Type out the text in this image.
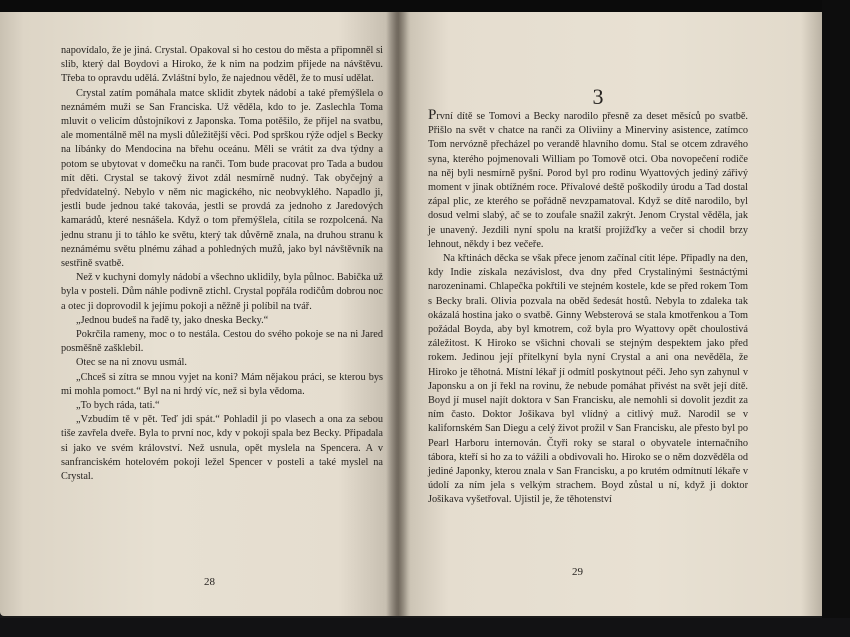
napovídalo, že je jiná. Crystal. Opakoval si ho cestou do města a připomněl si slib, který dal Boydovi a Hiroko, že k nim na podzim přijede na návštěvu. Třeba to opravdu udělá. Zvláštní bylo, že najednou věděl, že to musí udělat.

Crystal zatím pomáhala matce sklidit zbytek nádobí a také přemýšlela o neznámém muži se San Franciska. Už věděla, kdo to je. Zaslechla Toma mluvit o velicím důstojníkovi z Japonska. Toma potěšilo, že přijel na svatbu, ale momentálně měl na mysli důležitější věci. Pod sprškou rýže odjel s Becky na líbánky do Mendocina na břehu oceánu. Měli se vrátit za dva týdny a potom se ubytovat v domečku na ranči. Tom bude pracovat pro Tada a budou mít děti. Crystal se takový život zdál nesmírně nudný. Tak obyčejný a předvídatelný. Nebylo v něm nic magického, nic neobvyklého. Napadlo ji, jestli bude jednou také takováa, jestli se provdá za jednoho z Jaredových kamarádů, které nesnášela. Když o tom přemýšlela, cítila se rozpolcená. Na jednu stranu ji to táhlo ke světu, který tak důvěrně znala, na druhou stranu k neznámému světu plnému záhad a pohledných mužů, jako byl návštěvník na sestřině svatbě.

Než v kuchyni domyly nádobí a všechno uklidily, byla půlnoc. Babička už byla v posteli. Dům náhle podivně ztichl. Crystal popřála rodičům dobrou noc a otec ji doprovodil k jejímu pokoji a něžně ji políbil na tvář.

„Jednou budeš na řadě ty, jako dneska Becky.“

Pokrčila rameny, moc o to nestála. Cestou do svého pokoje se na ni Jared posměšně zašklebil.

Otec se na ni znovu usmál.

„Chceš si zítra se mnou vyjet na koni? Mám nějakou práci, se kterou bys mi mohla pomoct.“ Byl na ni hrdý víc, než si byla vědoma.

„To bych ráda, tati.“

„Vzbudím tě v pět. Teď jdi spát.“ Pohladil ji po vlasech a ona za sebou tiše zavřela dveře. Byla to první noc, kdy v pokoji spala bez Becky. Připadala si jako ve svém království. Než usnula, opět myslela na Spencera. A v sanfranciském hotelovém pokoji ležel Spencer v posteli a také myslel na Crystal.

28
3

První dítě se Tomovi a Becky narodilo přesně za deset měsíců po svatbě. Přišlo na svět v chatce na ranči za Oliviiny a Minerviny asistence, zatímco Tom nervózně přecházel po verandě hlavního domu. Stal se otcem zdravého syna, kterého pojmenovali William po Tomově otci. Oba novopečení rodiče na něj byli nesmírně pyšní. Porod byl pro rodinu Wyattových jediný zářivý moment v jinak obtížném roce. Přívalové deště poškodily úrodu a Tad dostal zápal plic, ze kterého se pořádně nevzpamatoval. Když se dítě narodilo, byl dosud velmi slabý, ač se to zoufale snažil zakrýt. Jenom Crystal věděla, jak je unavený. Jezdili nyní spolu na kratší projížďky a večer si chodil brzy lehnout, někdy i bez večeře.

Na křtinách děcka se však přece jenom začínal cítit lépe. Připadly na den, kdy Indie získala nezávislost, dva dny před Crystalinými šestnáctými narozeninami. Chlapečka pokřtili ve stejném kostele, kde se před rokem Tom s Becky brali. Olivia pozvala na oběd šedesát hostů. Nebyla to zdaleka tak okázalá hostina jako o svatbě. Ginny Websterová se stala kmotřenkou a Tom požádal Boyda, aby byl kmotrem, což byla pro Wyattovy opět choulostivá záležitost. K Hiroko se všichni chovali se stejným despektem jako před rokem. Jedinou její přítelkyní byla nyní Crystal a ani ona nevěděla, že Hiroko je těhotná. Místní lékař jí odmítl poskytnout péči. Jeho syn zahynul v Japonsku a on jí řekl na rovinu, že nebude pomáhat přivést na svět její dítě. Boyd jí musel najít doktora v San Francisku, ale nemohli si dovolit jezdit za ním často. Doktor Jošikava byl vlídný a citlivý muž. Narodil se v kalifornském San Diegu a celý život prožil v San Francisku, ale přesto byl po Pearl Harboru internován. Čtyři roky se staral o obyvatele internačního tábora, kteří si ho za to vážili a obdivovali ho. Hiroko se o něm dozvěděla od jediné Japonky, kterou znala v San Francisku, a po krutém odmítnutí lékaře v údolí za ním jela s velkým strachem. Boyd zůstal u ní, když ji doktor Jošikava vyšetřoval. Ujistil je, že těhotenství

29
